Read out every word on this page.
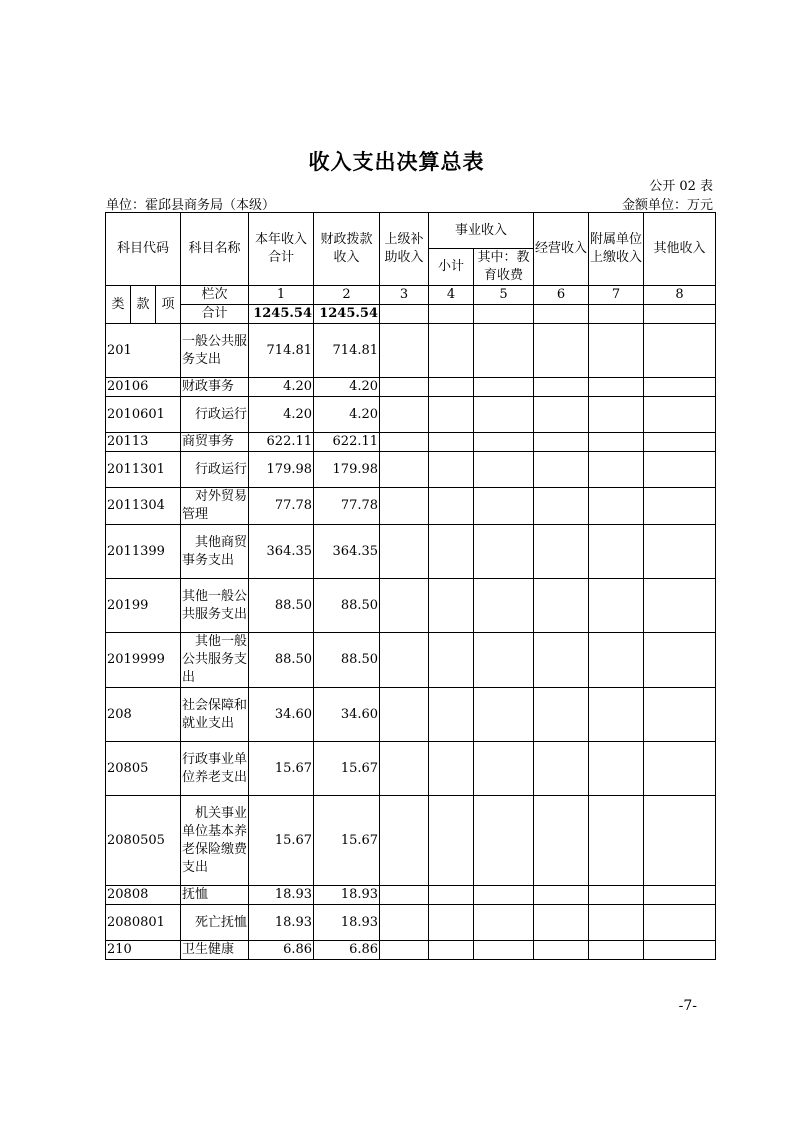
收入支出决算总表
公开 02 表
单位：霍邱县商务局（本级）	金额单位：万元
科目代码			科目名称	本年收入合计	财政拨款收入	上级补助收入	事业收入		经营收入	附属单位上缴收入	其他收入
							小计	其中：教育收费			
类	款	项	栏次	1	2	3	4	5	6	7	8
			合计	1245.54	1245.54						
201			一般公共服务支出	714.81	714.81						
20106			财政事务	4.20	4.20						
2010601			行政运行	4.20	4.20						
20113			商贸事务	622.11	622.11						
2011301			行政运行	179.98	179.98						
2011304			对外贸易管理	77.78	77.78						
2011399			其他商贸事务支出	364.35	364.35						
20199			其他一般公共服务支出	88.50	88.50						
2019999			其他一般公共服务支出	88.50	88.50						
208			社会保障和就业支出	34.60	34.60						
20805			行政事业单位养老支出	15.67	15.67						
2080505			机关事业单位基本养老保险缴费支出	15.67	15.67						
20808			抚恤	18.93	18.93						
2080801			死亡抚恤	18.93	18.93						
210			卫生健康	6.86	6.86						
-7-
